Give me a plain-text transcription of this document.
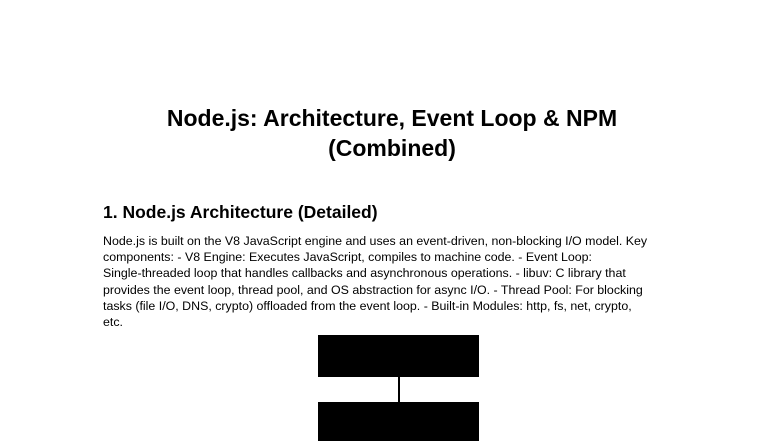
Node.js: Architecture, Event Loop & NPM
(Combined)
1. Node.js Architecture (Detailed)

Node.js is built on the V8 JavaScript engine and uses an event-driven, non-blocking I/O model. Key
components: - V8 Engine: Executes JavaScript, compiles to machine code. - Event Loop:
Single-threaded loop that handles callbacks and asynchronous operations. - libuv: C library that
provides the event loop, thread pool, and OS abstraction for async I/O. - Thread Pool: For blocking
tasks (file I/O, DNS, crypto) offloaded from the event loop. - Built-in Modules: http, fs, net, crypto,
etc.
